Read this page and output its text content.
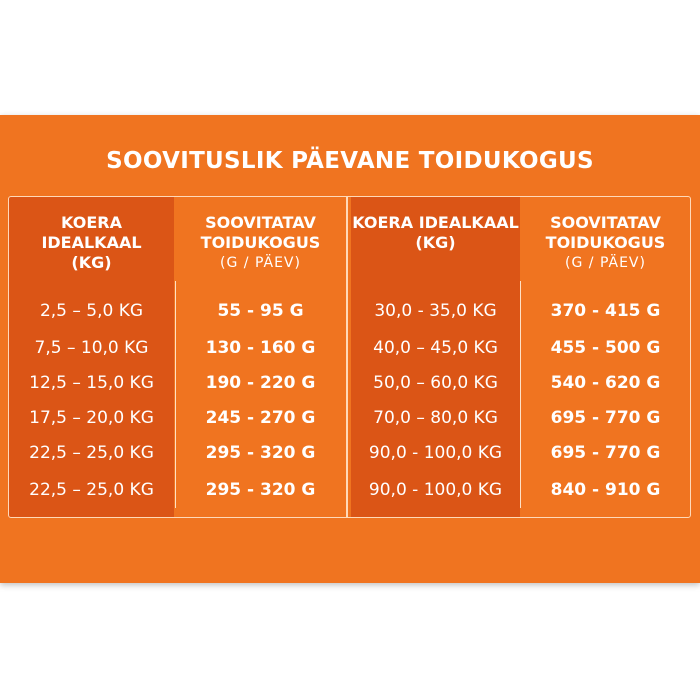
SOOVITUSLIK PÄEVANE TOIDUKOGUS
KOERA IDEALKAAL
(KG)
SOOVITATAV
TOIDUKOGUS
(G / PÄEV)
KOERA IDEALKAAL
(KG)
SOOVITATAV
TOIDUKOGUS
(G / PÄEV)
2,5 – 5,0 KG
7,5 – 10,0 KG
12,5 – 15,0 KG
17,5 – 20,0 KG
22,5 – 25,0 KG
22,5 – 25,0 KG
55 - 95 G
130 - 160 G
190 - 220 G
245 - 270 G
295 - 320 G
295 - 320 G
30,0 - 35,0 KG
40,0 – 45,0 KG
50,0 – 60,0 KG
70,0 – 80,0 KG
90,0 - 100,0 KG
90,0 - 100,0 KG
370 - 415 G
455 - 500 G
540 - 620 G
695 - 770 G
695 - 770 G
840 - 910 G
